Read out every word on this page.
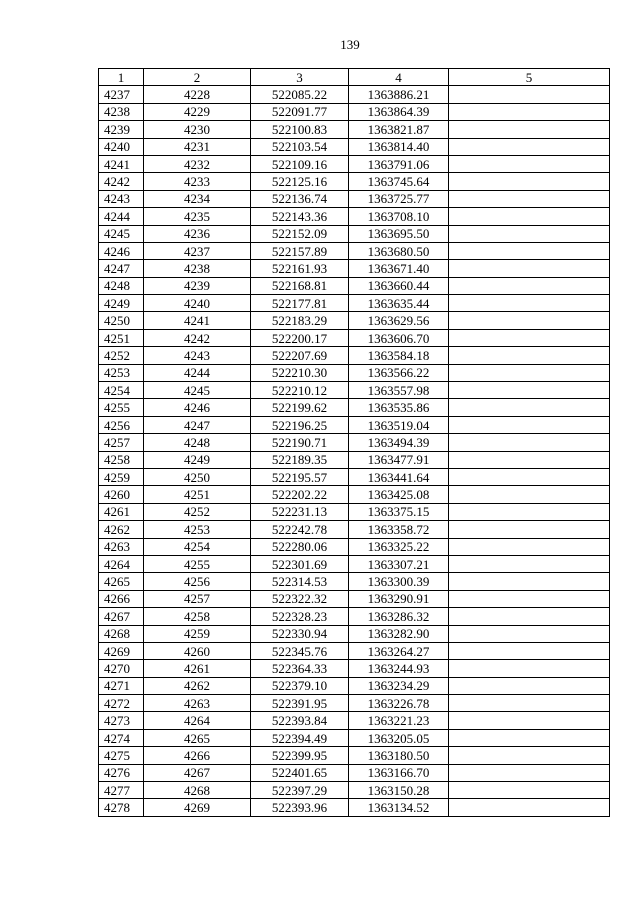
139
1	2	3	4	5
4237	4228	522085.22	1363886.21	
4238	4229	522091.77	1363864.39	
4239	4230	522100.83	1363821.87	
4240	4231	522103.54	1363814.40	
4241	4232	522109.16	1363791.06	
4242	4233	522125.16	1363745.64	
4243	4234	522136.74	1363725.77	
4244	4235	522143.36	1363708.10	
4245	4236	522152.09	1363695.50	
4246	4237	522157.89	1363680.50	
4247	4238	522161.93	1363671.40	
4248	4239	522168.81	1363660.44	
4249	4240	522177.81	1363635.44	
4250	4241	522183.29	1363629.56	
4251	4242	522200.17	1363606.70	
4252	4243	522207.69	1363584.18	
4253	4244	522210.30	1363566.22	
4254	4245	522210.12	1363557.98	
4255	4246	522199.62	1363535.86	
4256	4247	522196.25	1363519.04	
4257	4248	522190.71	1363494.39	
4258	4249	522189.35	1363477.91	
4259	4250	522195.57	1363441.64	
4260	4251	522202.22	1363425.08	
4261	4252	522231.13	1363375.15	
4262	4253	522242.78	1363358.72	
4263	4254	522280.06	1363325.22	
4264	4255	522301.69	1363307.21	
4265	4256	522314.53	1363300.39	
4266	4257	522322.32	1363290.91	
4267	4258	522328.23	1363286.32	
4268	4259	522330.94	1363282.90	
4269	4260	522345.76	1363264.27	
4270	4261	522364.33	1363244.93	
4271	4262	522379.10	1363234.29	
4272	4263	522391.95	1363226.78	
4273	4264	522393.84	1363221.23	
4274	4265	522394.49	1363205.05	
4275	4266	522399.95	1363180.50	
4276	4267	522401.65	1363166.70	
4277	4268	522397.29	1363150.28	
4278	4269	522393.96	1363134.52	
